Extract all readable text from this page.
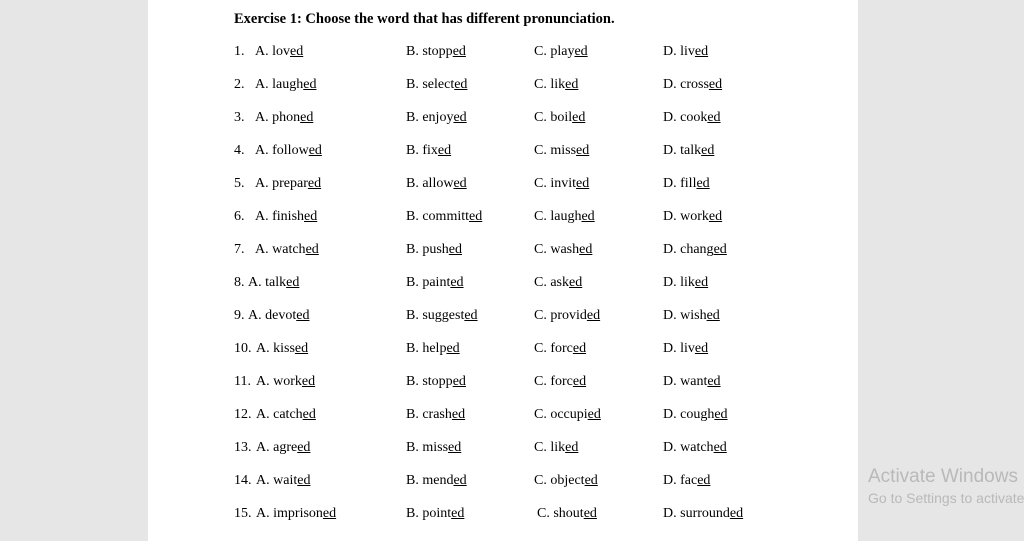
Exercise 1: Choose the word that has different pronunciation.
1. A. loved	B. stopped	C. played	D. lived
2. A. laughed	B. selected	C. liked	D. crossed
3. A. phoned	B. enjoyed	C. boiled	D. cooked
4. A. followed	B. fixed	C. missed	D. talked
5. A. prepared	B. allowed	C. invited	D. filled
6. A. finished	B. committed	C. laughed	D. worked
7. A. watched	B. pushed	C. washed	D. changed
8. A. talked	B. painted	C. asked	D. liked
9. A. devoted	B. suggested	C. provided	D. wished
10. A. kissed	B. helped	C. forced	D. lived
11. A. worked	B. stopped	C. forced	D. wanted
12. A. catched	B. crashed	C. occupied	D. coughed
13. A. agreed	B. missed	C. liked	D. watched
14. A. waited	B. mended	C. objected	D. faced
15. A. imprisoned	B. pointed	C. shouted	D. surrounded
Activate Windows
Go to Settings to activate
